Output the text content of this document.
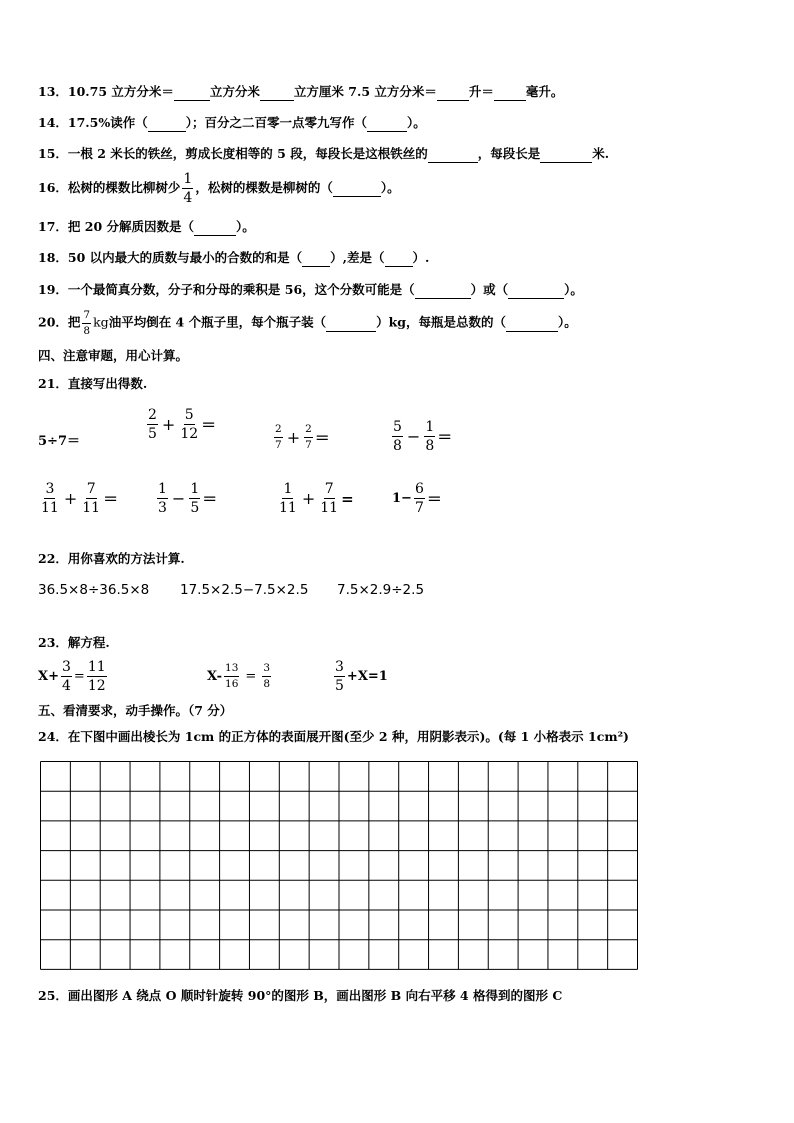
13．10.75 立方分米＝	立方分米	立方厘米 7.5 立方分米＝	升＝	毫升。
14．17.5%读作（	）；百分之二百零一点零九写作（	）。
15．一根 2 米长的铁丝，剪成长度相等的 5 段，每段长是这根铁丝的	，每段长是	米.
16．松树的棵数比柳树少 $\frac{1}{4}$ ，松树的棵数是柳树的（	）。
17．把 20 分解质因数是（	）。
18．50 以内最大的质数与最小的合数的和是（ ）,差是（ ）.
19．一个最简真分数，分子和分母的乘积是 56，这个分数可能是（	）或（	）。
20．把 $\frac{7}{8}$ kg油平均倒在 4 个瓶子里，每个瓶子装（	）kg，每瓶是总数的（	）。
四、注意审题，用心计算。
21．直接写出得数.
5÷7＝
$\frac{2}{5} + \frac{5}{12}$ ＝	$\frac{2}{7} + \frac{2}{7}$ ＝	$\frac{5}{8} - \frac{1}{8}$ ＝
$\frac{3}{11} + \frac{7}{11}$ ＝	$\frac{1}{3} - \frac{1}{5}$ ＝	$\frac{1}{11} + \frac{7}{11}$ =	$1- \frac{6}{7}$ ＝
22．用你喜欢的方法计算.
36.5×8÷36.5×8 17.5×2.5−7.5×2.5 7.5×2.9÷2.5
23．解方程.
$X+ \frac{3}{4} = \frac{11}{12}$	$X- \frac{13}{16} = \frac{3}{8}$	$\frac{3}{5} +X=1$
五、看清要求，动手操作。（7 分）
24．在下图中画出棱长为 1cm 的正方体的表面展开图(至少 2 种，用阴影表示)。(每 1 小格表示 1cm²)
25．画出图形 A 绕点 O 顺时针旋转 90°的图形 B，画出图形 B 向右平移 4 格得到的图形 C
